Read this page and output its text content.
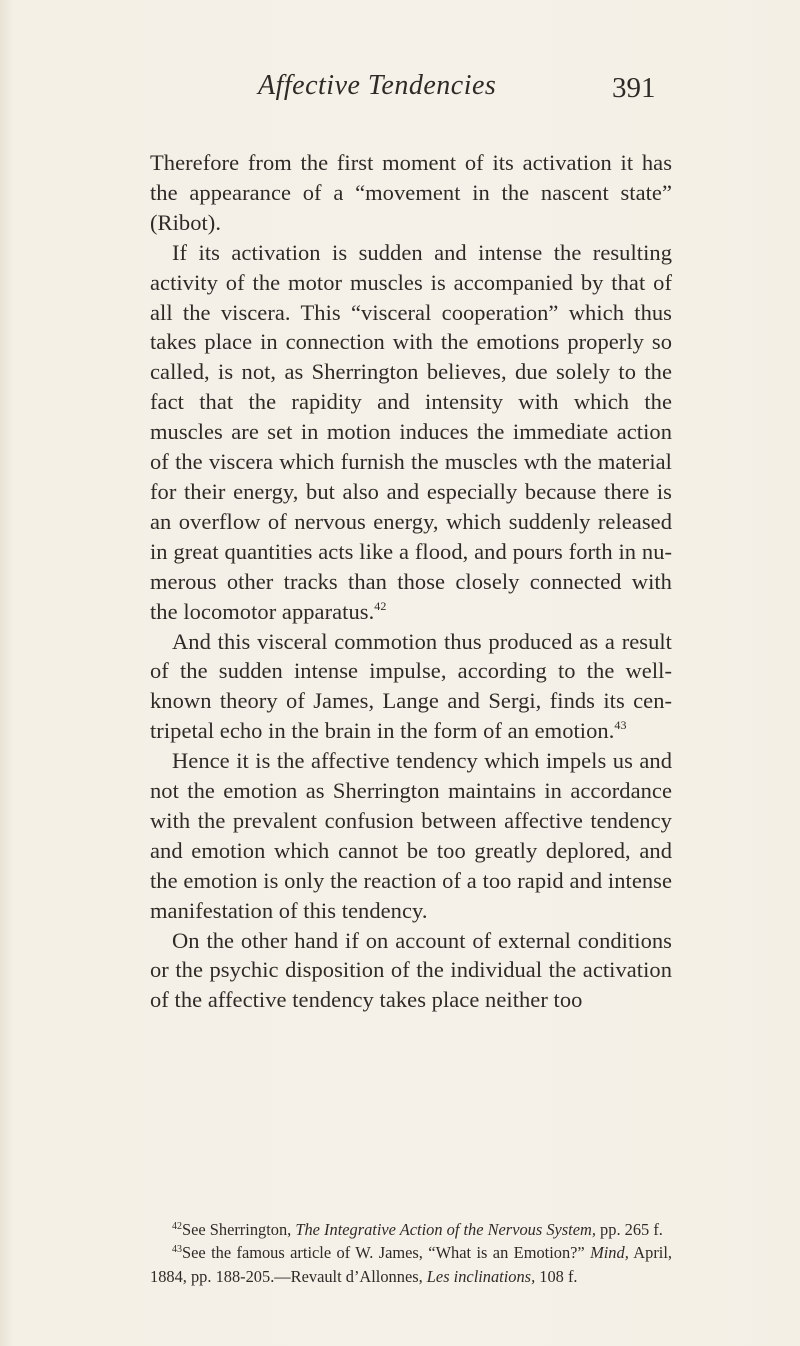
Affective Tendencies	391

Therefore from the first moment of its activation it has the appearance of a “movement in the nascent state” (Ribot).

If its activation is sudden and intense the resulting activity of the motor muscles is accompanied by that of all the viscera. This “visceral cooperation” which thus takes place in connection with the emotions properly so called, is not, as Sherrington believes, due solely to the fact that the rapidity and intensity with which the muscles are set in motion induces the immediate action of the viscera which furnish the muscles wth the material for their energy, but also and especially because there is an overflow of nervous energy, which suddenly released in great quantities acts like a flood, and pours forth in numerous other tracks than those closely connected with the locomotor apparatus.$^{42}$

And this visceral commotion thus produced as a result of the sudden intense impulse, according to the well-known theory of James, Lange and Sergi, finds its centripetal echo in the brain in the form of an emotion.$^{43}$

Hence it is the affective tendency which impels us and not the emotion as Sherrington maintains in accordance with the prevalent confusion between affective tendency and emotion which cannot be too greatly deplored, and the emotion is only the reaction of a too rapid and intense manifestation of this tendency.

On the other hand if on account of external conditions or the psychic disposition of the individual the activation of the affective tendency takes place neither too

$^{42}$See Sherrington, The Integrative Action of the Nervous System, pp. 265 f.

$^{43}$See the famous article of W. James, “What is an Emotion?” Mind, April, 1884, pp. 188-205.—Revault d’Allonnes, Les inclinations, 108 f.
